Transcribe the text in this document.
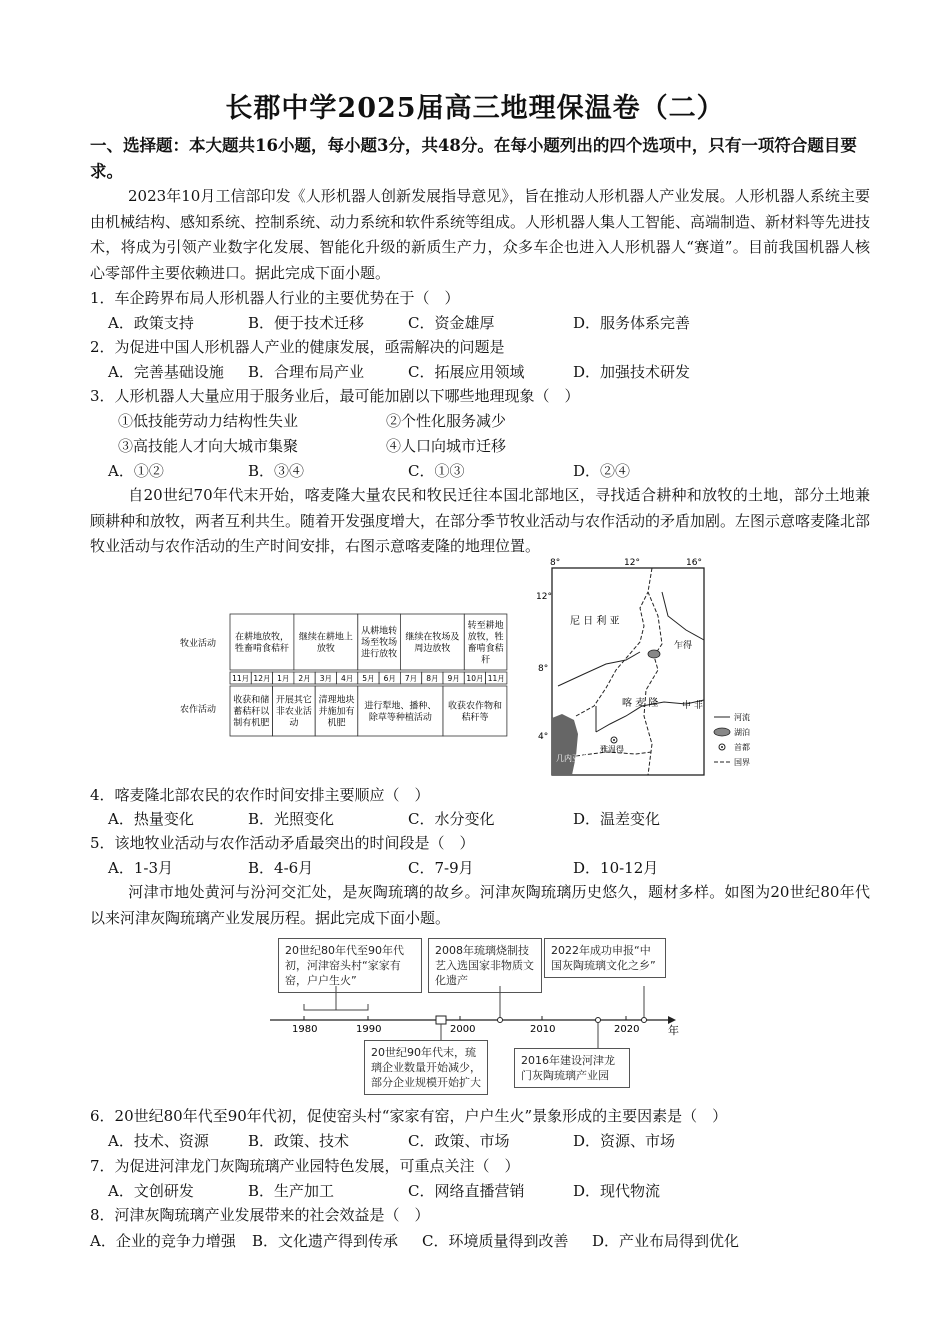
长郡中学2025届高三地理保温卷（二）
一、选择题：本大题共16小题，每小题3分，共48分。在每小题列出的四个选项中，只有一项符合题目要求。
2023年10月工信部印发《人形机器人创新发展指导意见》，旨在推动人形机器人产业发展。人形机器人系统主要由机械结构、感知系统、控制系统、动力系统和软件系统等组成。人形机器人集人工智能、高端制造、新材料等先进技术，将成为引领产业数字化发展、智能化升级的新质生产力，众多车企也进入人形机器人“赛道”。目前我国机器人核心零部件主要依赖进口。据此完成下面小题。
1．车企跨界布局人形机器人行业的主要优势在于（　）
A．政策支持	B．便于技术迁移	C．资金雄厚	D．服务体系完善
2．为促进中国人形机器人产业的健康发展，亟需解决的问题是
A．完善基础设施 B．合理布局产业	C．拓展应用领域	D．加强技术研发
3．人形机器人大量应用于服务业后，最可能加剧以下哪些地理现象（　）
①低技能劳动力结构性失业	②个性化服务减少
③高技能人才向大城市集聚	④人口向城市迁移
A．①②	B．③④	C．①③	D．②④
自20世纪70年代末开始，喀麦隆大量农民和牧民迁往本国北部地区，寻找适合耕种和放牧的土地，部分土地兼顾耕种和放牧，两者互利共生。随着开发强度增大，在部分季节牧业活动与农作活动的矛盾加剧。左图示意喀麦隆北部牧业活动与农作活动的生产时间安排，右图示意喀麦隆的地理位置。
牧业活动
农作活动
在耕地放牧，牲畜啃食秸秆
继续在耕地上放牧
从耕地转场至牧场进行放牧
继续在牧场及周边放牧
转至耕地放牧，牲畜啃食秸秆
11月 12月 1月 2月 3月 4月 5月 6月 7月 8月 9月 10月 11月
收获和储蓄秸秆以制有机肥
开展其它非农业活动
清理地块并施加有机肥
进行犁地、播种、除草等种植活动
收获农作物和秸秆等
8°	12°	16°
12°
8°
4°
雅温得
尼 日 利 亚
乍得
喀 麦 隆	中 非
几内亚湾
河流
湖泊
首都
国界
4．喀麦隆北部农民的农作时间安排主要顺应（　）
A．热量变化	B．光照变化	C．水分变化	D．温差变化
5．该地牧业活动与农作活动矛盾最突出的时间段是（　）
A．1-3月	B．4-6月	C．7-9月	D．10-12月
河津市地处黄河与汾河交汇处，是灰陶琉璃的故乡。河津灰陶琉璃历史悠久，题材多样。如图为20世纪80年代以来河津灰陶琉璃产业发展历程。据此完成下面小题。
20世纪80年代至90年代初，河津窑头村“家家有窑，户户生火”
2008年琉璃烧制技艺入选国家非物质文化遗产
2022年成功申报“中国灰陶琉璃文化之乡”
20世纪90年代末，琉璃企业数量开始减少，部分企业规模开始扩大
2016年建设河津龙门灰陶琉璃产业园
1980	1990	2000	2010	2020	年
6．20世纪80年代至90年代初，促使窑头村“家家有窑，户户生火”景象形成的主要因素是（　）
A．技术、资源	B．政策、技术	C．政策、市场	D．资源、市场
7．为促进河津龙门灰陶琉璃产业园特色发展，可重点关注（　）
A．文创研发	B．生产加工	C．网络直播营销	D．现代物流
8．河津灰陶琉璃产业发展带来的社会效益是（　）
A．企业的竞争力增强 B．文化遗产得到传承 C．环境质量得到改善 D．产业布局得到优化
